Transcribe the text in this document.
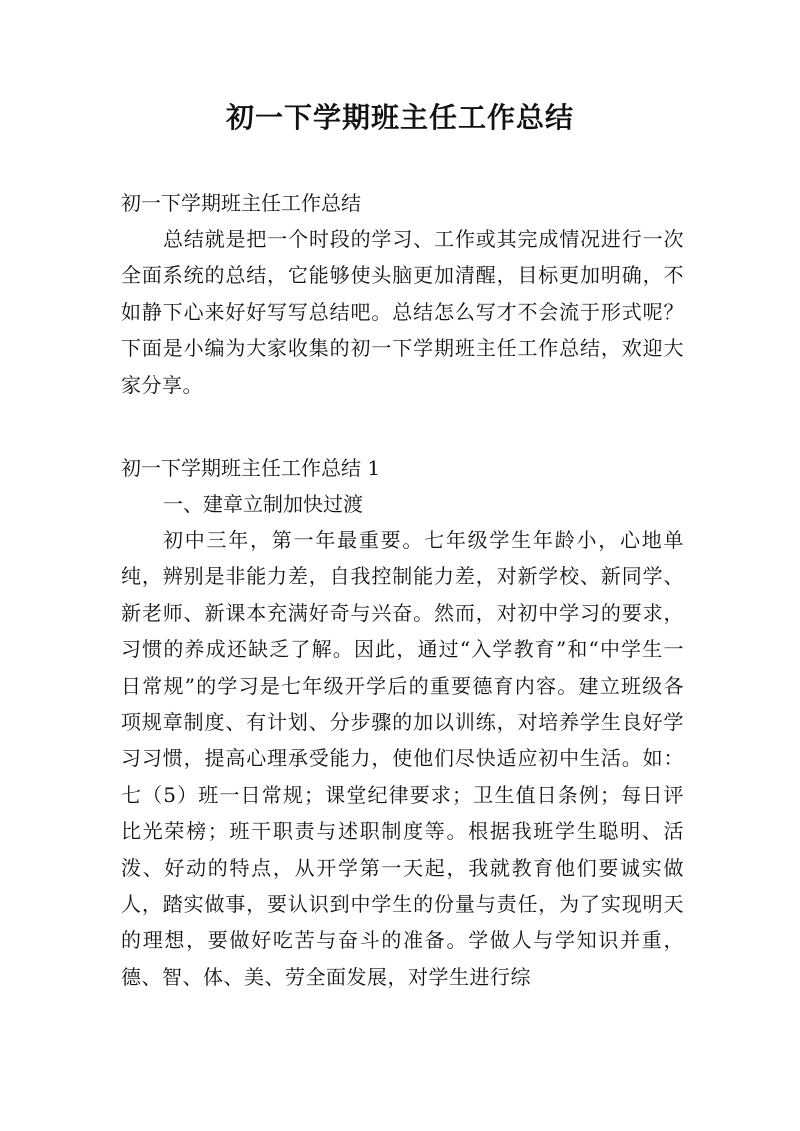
初一下学期班主任工作总结

初一下学期班主任工作总结

总结就是把一个时段的学习、工作或其完成情况进行一次全面系统的总结，它能够使头脑更加清醒，目标更加明确，不如静下心来好好写写总结吧。总结怎么写才不会流于形式呢？下面是小编为大家收集的初一下学期班主任工作总结，欢迎大家分享。

初一下学期班主任工作总结 1

一、建章立制加快过渡

初中三年，第一年最重要。七年级学生年龄小，心地单纯，辨别是非能力差，自我控制能力差，对新学校、新同学、新老师、新课本充满好奇与兴奋。然而，对初中学习的要求，习惯的养成还缺乏了解。因此，通过“入学教育”和“中学生一日常规”的学习是七年级开学后的重要德育内容。建立班级各项规章制度、有计划、分步骤的加以训练，对培养学生良好学习习惯，提高心理承受能力，使他们尽快适应初中生活。如：七（5）班一日常规；课堂纪律要求；卫生值日条例；每日评比光荣榜；班干职责与述职制度等。根据我班学生聪明、活泼、好动的特点，从开学第一天起，我就教育他们要诚实做人，踏实做事，要认识到中学生的份量与责任，为了实现明天的理想，要做好吃苦与奋斗的准备。学做人与学知识并重，德、智、体、美、劳全面发展，对学生进行综
